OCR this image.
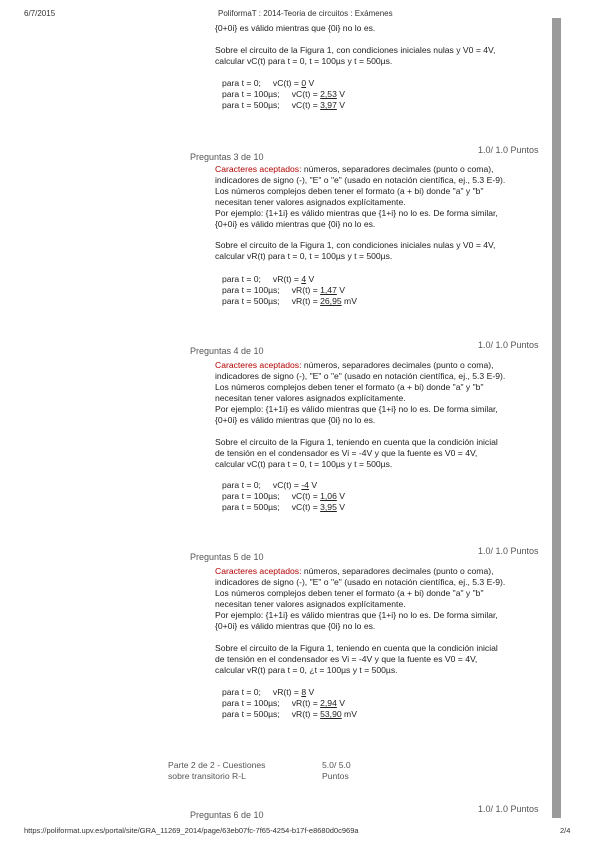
6/7/2015	PoliformaT : 2014-Teoria de circuitos : Exámenes
{0+0i} es válido mientras que {0i} no lo es.
Sobre el circuito de la Figura 1, con condiciones iniciales nulas y V0 = 4V,
calcular vC(t) para t = 0, t = 100µs y t = 500µs.
para t = 0; vC(t) = 0 V
para t = 100µs; vC(t) = 2,53 V
para t = 500µs; vC(t) = 3,97 V
1.0/ 1.0 Puntos
Preguntas 3 de 10
Caracteres aceptados: números, separadores decimales (punto o coma),
indicadores de signo (-), "E" o "e" (usado en notación científica, ej., 5.3 E-9).
Los números complejos deben tener el formato (a + bi) donde "a" y "b"
necesitan tener valores asignados explícitamente.
Por ejemplo: {1+1i} es válido mientras que {1+i} no lo es. De forma similar,
{0+0i} es válido mientras que {0i} no lo es.
Sobre el circuito de la Figura 1, con condiciones iniciales nulas y V0 = 4V,
calcular vR(t) para t = 0, t = 100µs y t = 500µs.
para t = 0; vR(t) = 4 V
para t = 100µs; vR(t) = 1,47 V
para t = 500µs; vR(t) = 26,95 mV
1.0/ 1.0 Puntos
Preguntas 4 de 10
Caracteres aceptados: números, separadores decimales (punto o coma),
indicadores de signo (-), "E" o "e" (usado en notación científica, ej., 5.3 E-9).
Los números complejos deben tener el formato (a + bi) donde "a" y "b"
necesitan tener valores asignados explícitamente.
Por ejemplo: {1+1i} es válido mientras que {1+i} no lo es. De forma similar,
{0+0i} es válido mientras que {0i} no lo es.
Sobre el circuito de la Figura 1, teniendo en cuenta que la condición inicial
de tensión en el condensador es Vi = -4V y que la fuente es V0 = 4V,
calcular vC(t) para t = 0, t = 100µs y t = 500µs.
para t = 0; vC(t) = -4 V
para t = 100µs; vC(t) = 1,06 V
para t = 500µs; vC(t) = 3,95 V
1.0/ 1.0 Puntos
Preguntas 5 de 10
Caracteres aceptados: números, separadores decimales (punto o coma),
indicadores de signo (-), "E" o "e" (usado en notación científica, ej., 5.3 E-9).
Los números complejos deben tener el formato (a + bi) donde "a" y "b"
necesitan tener valores asignados explícitamente.
Por ejemplo: {1+1i} es válido mientras que {1+i} no lo es. De forma similar,
{0+0i} es válido mientras que {0i} no lo es.
Sobre el circuito de la Figura 1, teniendo en cuenta que la condición inicial
de tensión en el condensador es Vi = -4V y que la fuente es V0 = 4V,
calcular vR(t) para t = 0, ¿t = 100µs y t = 500µs.
para t = 0; vR(t) = 8 V
para t = 100µs; vR(t) = 2,94 V
para t = 500µs; vR(t) = 53,90 mV
Parte 2 de 2 - Cuestiones
sobre transitorio R-L
5.0/ 5.0
Puntos
1.0/ 1.0 Puntos
Preguntas 6 de 10
https://poliformat.upv.es/portal/site/GRA_11269_2014/page/63eb07fc-7f65-4254-b17f-e8680d0c969a	2/4
